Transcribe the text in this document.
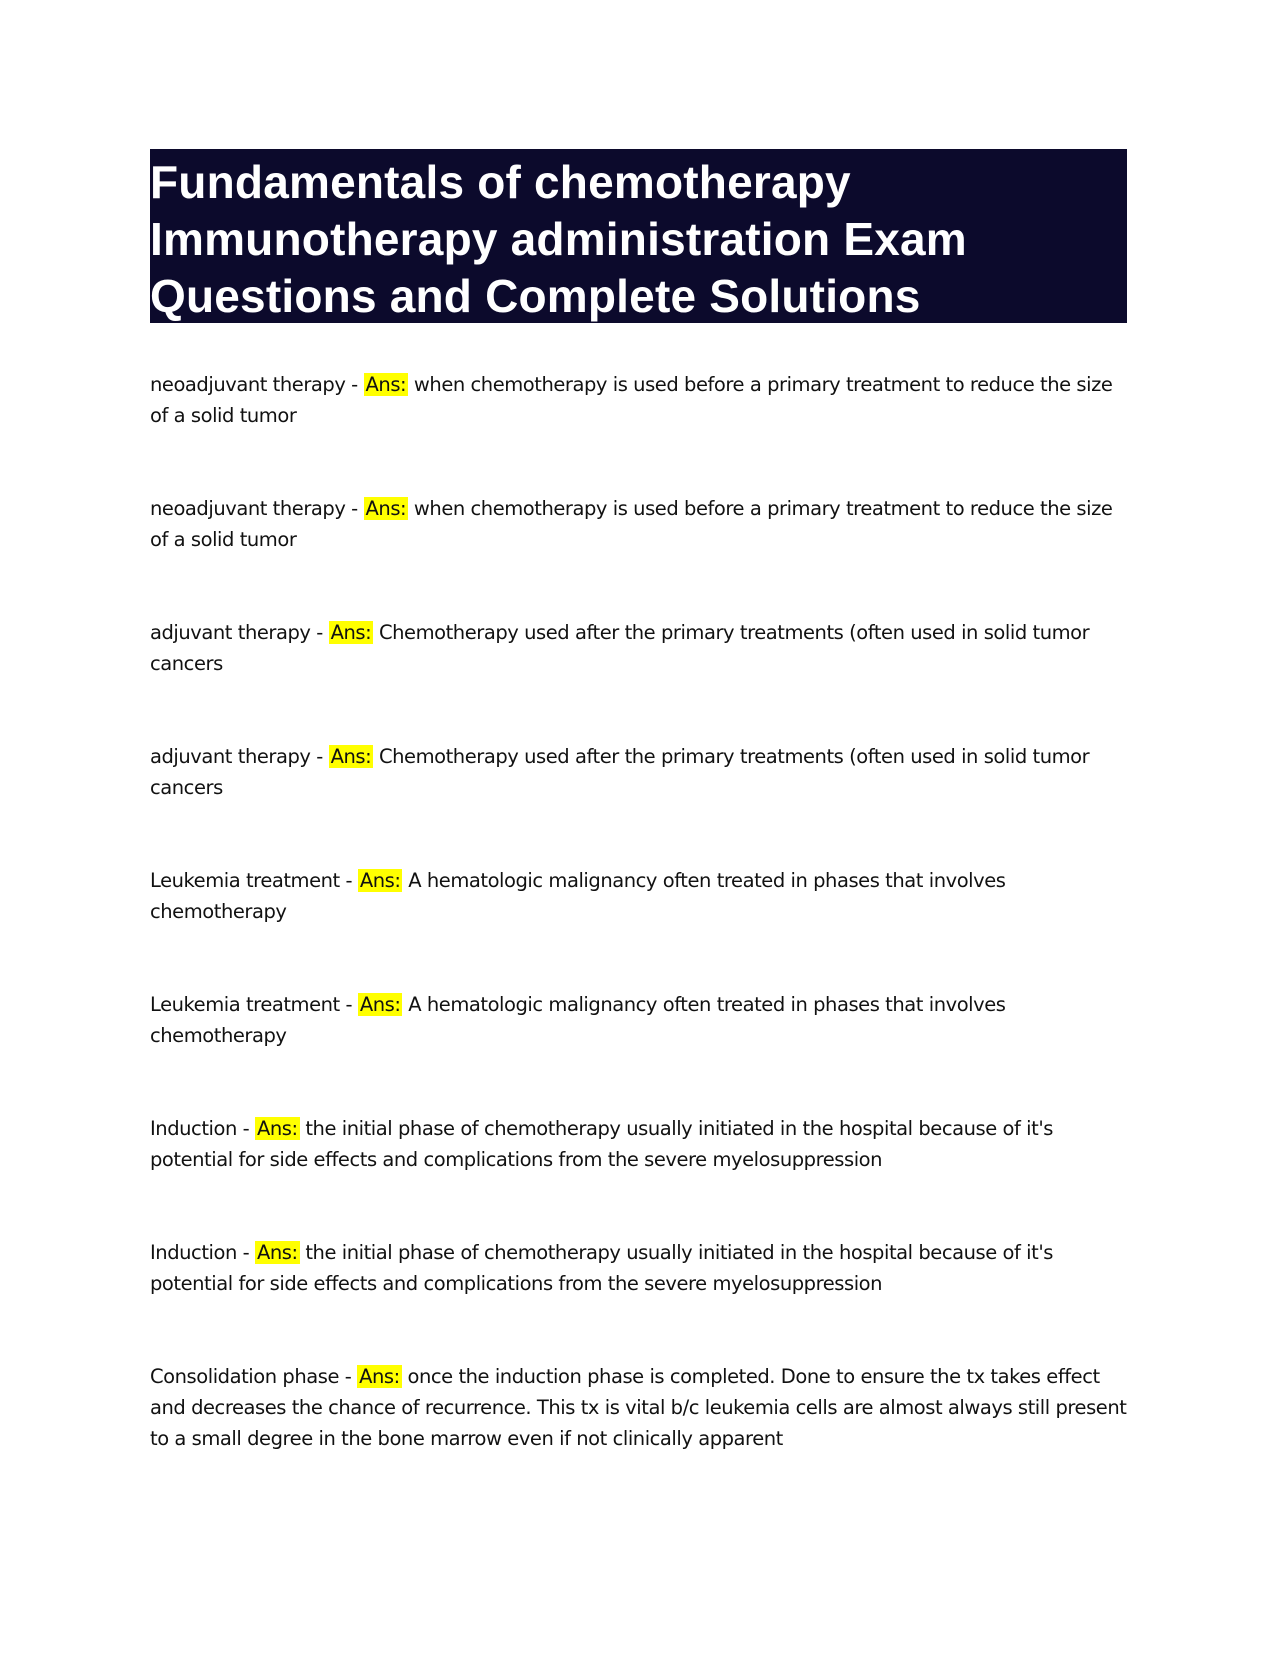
Fundamentals of chemotherapy
Immunotherapy administration Exam
Questions and Complete Solutions

neoadjuvant therapy - Ans: when chemotherapy is used before a primary treatment to reduce the size
of a solid tumor

neoadjuvant therapy - Ans: when chemotherapy is used before a primary treatment to reduce the size
of a solid tumor

adjuvant therapy - Ans: Chemotherapy used after the primary treatments (often used in solid tumor
cancers

adjuvant therapy - Ans: Chemotherapy used after the primary treatments (often used in solid tumor
cancers

Leukemia treatment - Ans: A hematologic malignancy often treated in phases that involves
chemotherapy

Leukemia treatment - Ans: A hematologic malignancy often treated in phases that involves
chemotherapy

Induction - Ans: the initial phase of chemotherapy usually initiated in the hospital because of it's
potential for side effects and complications from the severe myelosuppression

Induction - Ans: the initial phase of chemotherapy usually initiated in the hospital because of it's
potential for side effects and complications from the severe myelosuppression

Consolidation phase - Ans: once the induction phase is completed. Done to ensure the tx takes effect
and decreases the chance of recurrence. This tx is vital b/c leukemia cells are almost always still present
to a small degree in the bone marrow even if not clinically apparent
